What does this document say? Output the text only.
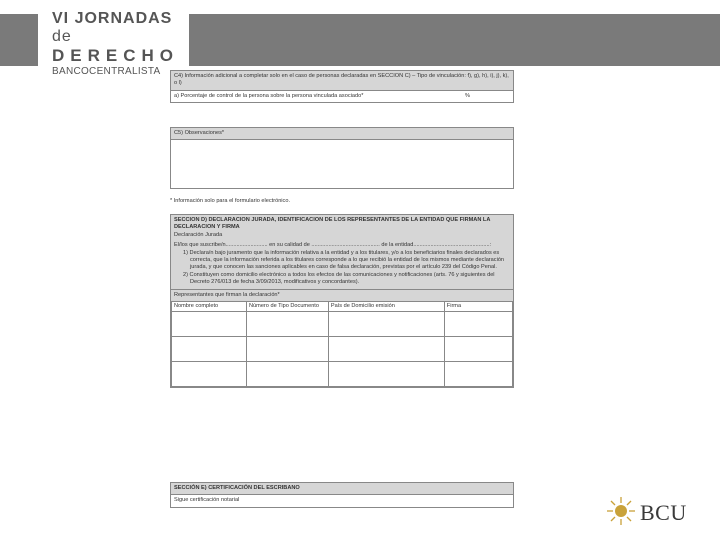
VI JORNADAS de
DERECHO
BANCOCENTRALISTA	C4) Información adicional a completar solo en el caso de personas declaradas en SECCION C) – Tipo de vinculación: f), g), h), i), j), k), o l)
a) Porcentaje de control de la persona sobre la persona vinculada asociado*	%
C5) Observaciones*
* Información solo para el formulario electrónico.
SECCION D) DECLARACION JURADA, IDENTIFICACION DE LOS REPRESENTANTES DE LA ENTIDAD QUE FIRMAN LA DECLARACION Y FIRMA
Declaración Jurada
El/los que suscribe/n........................... en su calidad de ............................................ de la entidad.................................................:
1) Declara/n bajo juramento que la información relativa a la entidad y a los titulares, y/o a los beneficiarios finales declarados es correcta, que la información referida a los titulares corresponde a lo que recibió la entidad de los mismos mediante declaración jurada, y que conocen las sanciones aplicables en caso de falsa declaración, previstas por el artículo 239 del Código Penal.
2) Constituyen como domicilio electrónico a todos los efectos de las comunicaciones y notificaciones (arts. 76 y siguientes del Decreto 276/013 de fecha 3/09/2013, modificativos y concordantes).
Representantes que firman la declaración*
Nombre completo	Número de Tipo Documento	País de Domicilio emisión	Firma

SECCIÓN E) CERTIFICACIÓN DEL ESCRIBANO
Sigue certificación notarial	BCU
